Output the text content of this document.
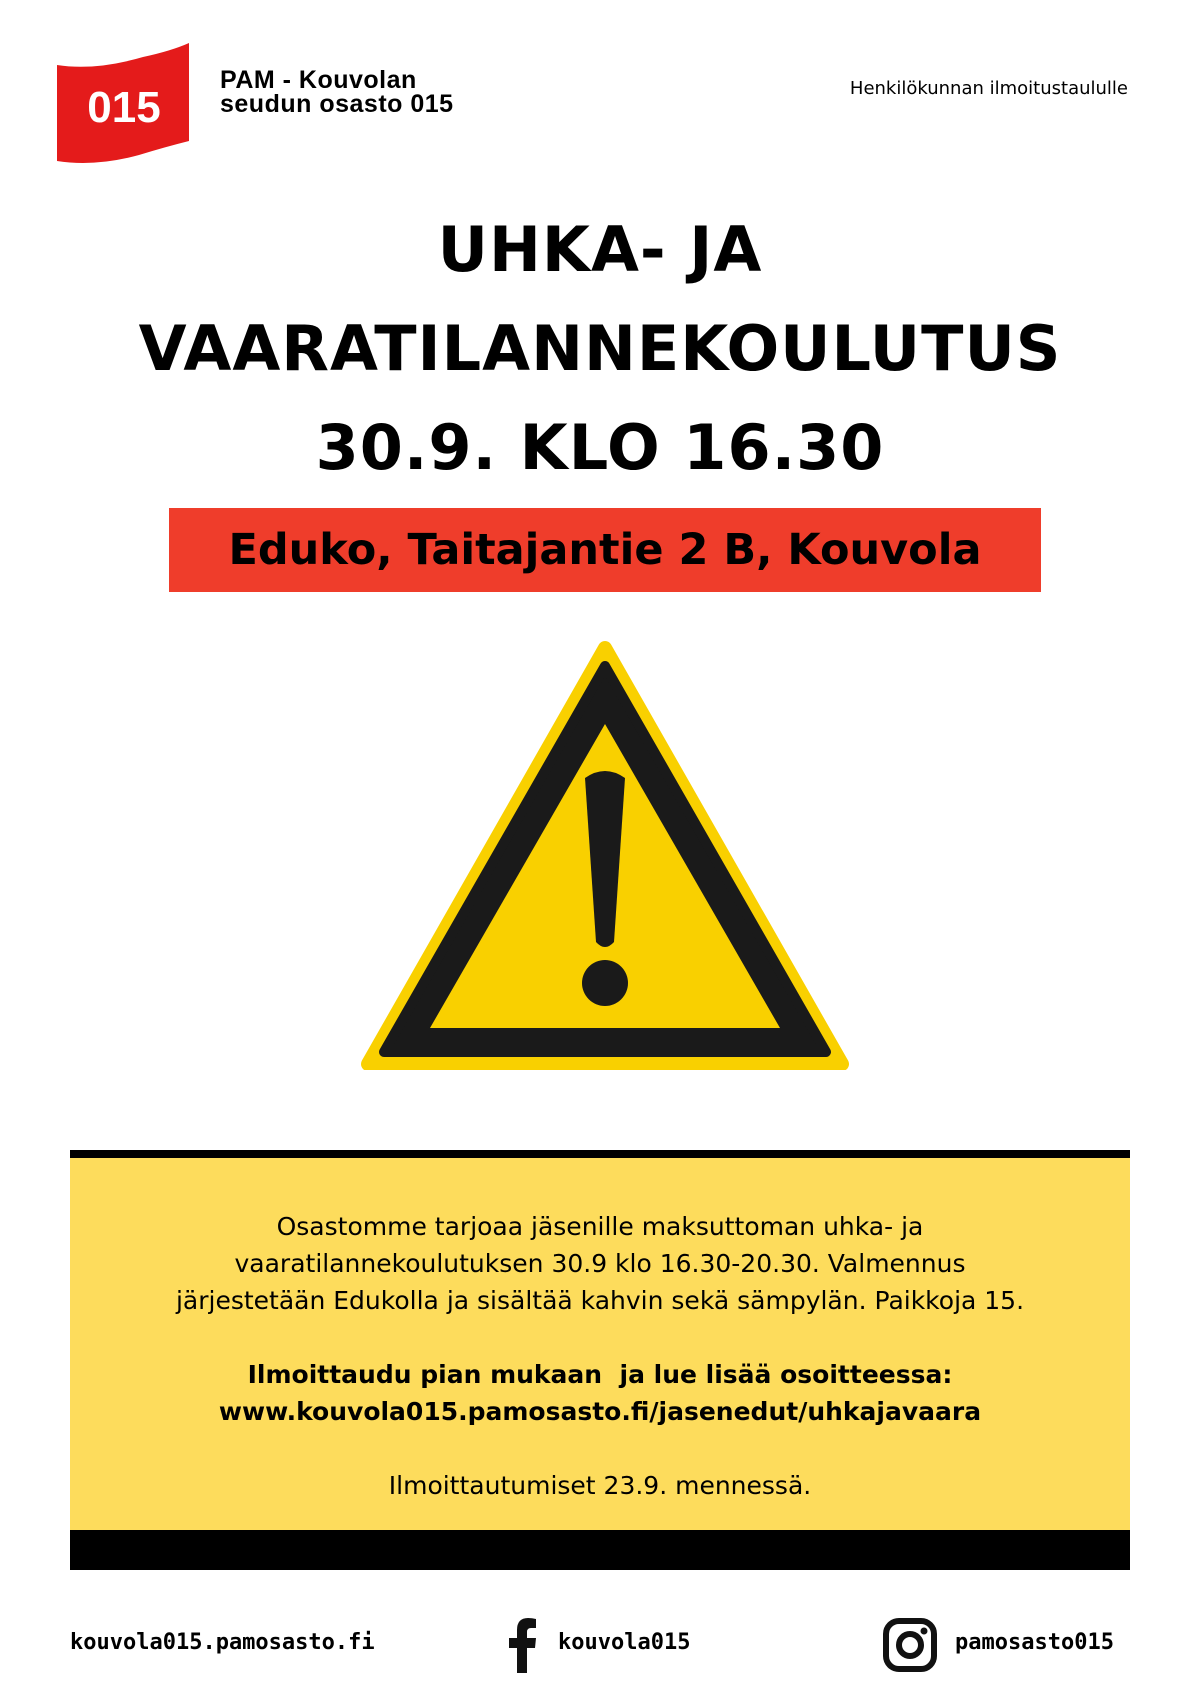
015
PAM - Kouvolan
seudun osasto 015
Henkilökunnan ilmoitustaululle
UHKA- JA
VAARATILANNEKOULUTUS
30.9. KLO 16.30
Eduko, Taitajantie 2 B, Kouvola
Osastomme tarjoaa jäsenille maksuttoman uhka- ja
vaaratilannekoulutuksen 30.9 klo 16.30-20.30. Valmennus
järjestetään Edukolla ja sisältää kahvin sekä sämpylän. Paikkoja 15.
Ilmoittaudu pian mukaan  ja lue lisää osoitteessa:
www.kouvola015.pamosasto.fi/jasenedut/uhkajavaara
Ilmoittautumiset 23.9. mennessä.
kouvola015.pamosasto.fi	kouvola015	pamosasto015
